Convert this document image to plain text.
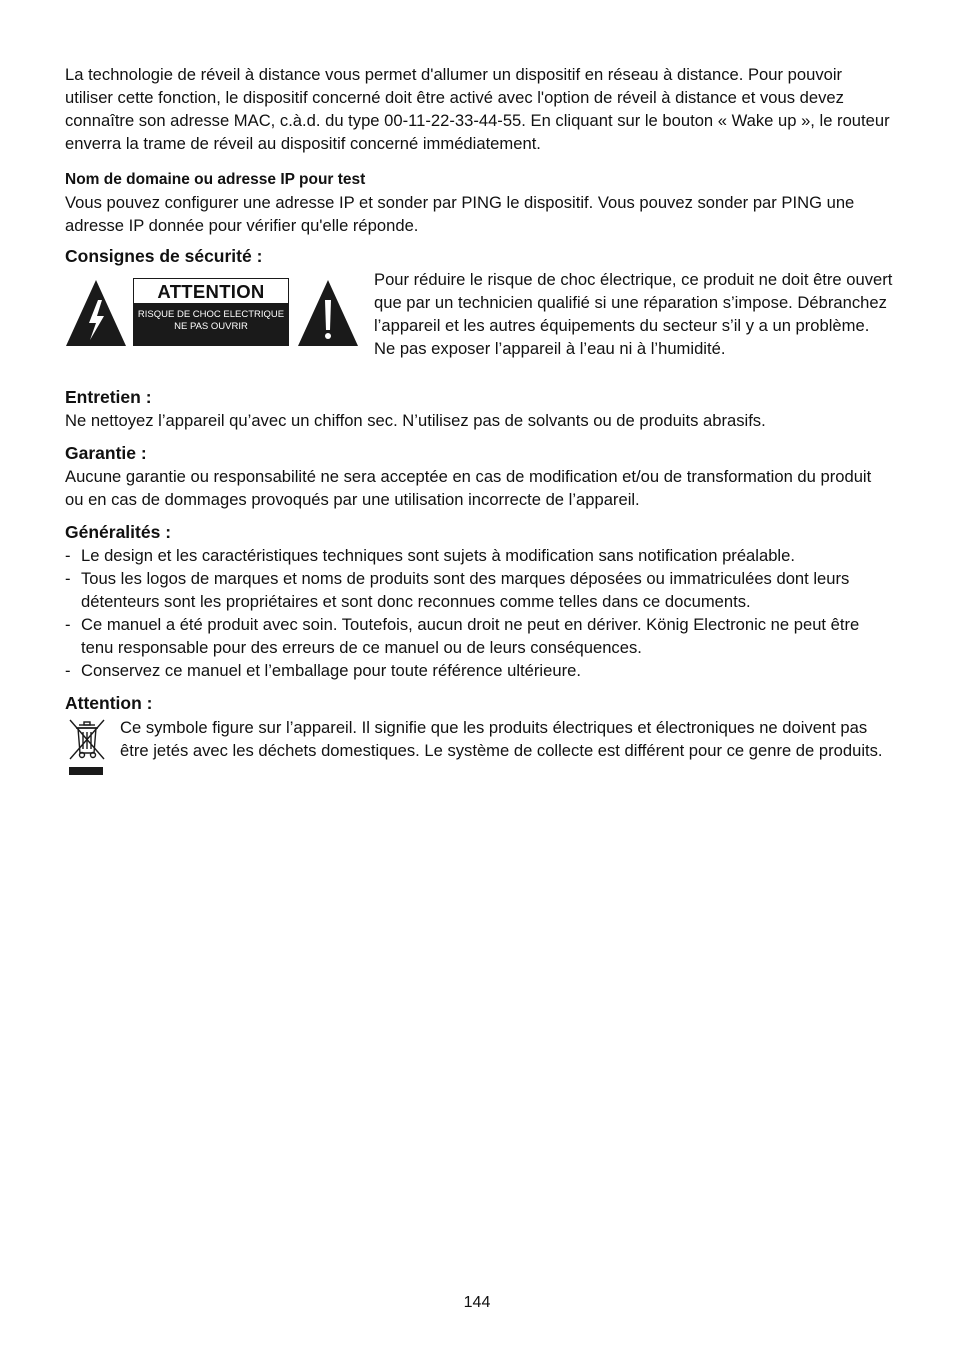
La technologie de réveil à distance vous permet d'allumer un dispositif en réseau à distance. Pour pouvoir utiliser cette fonction, le dispositif concerné doit être activé avec l'option de réveil à distance et vous devez connaître son adresse MAC, c.à.d. du type 00-11-22-33-44-55. En cliquant sur le bouton « Wake up », le routeur enverra la trame de réveil au dispositif concerné immédiatement.

Nom de domaine ou adresse IP pour test

Vous pouvez configurer une adresse IP et sonder par PING le dispositif. Vous pouvez sonder par PING une adresse IP donnée pour vérifier qu'elle réponde.

Consignes de sécurité :

ATTENTION
RISQUE DE CHOC ELECTRIQUE
NE PAS OUVRIR

Pour réduire le risque de choc électrique, ce produit ne doit être ouvert que par un technicien qualifié si une réparation s’impose. Débranchez l’appareil et les autres équipements du secteur s’il y a un problème. Ne pas exposer l’appareil à l’eau ni à l’humidité.

Entretien :

Ne nettoyez l’appareil qu’avec un chiffon sec. N’utilisez pas de solvants ou de produits abrasifs.

Garantie :

Aucune garantie ou responsabilité ne sera acceptée en cas de modification et/ou de transformation du produit ou en cas de dommages provoqués par une utilisation incorrecte de l’appareil.

Généralités :

- Le design et les caractéristiques techniques sont sujets à modification sans notification préalable.
- Tous les logos de marques et noms de produits sont des marques déposées ou immatriculées dont leurs détenteurs sont les propriétaires et sont donc reconnues comme telles dans ce documents.
- Ce manuel a été produit avec soin. Toutefois, aucun droit ne peut en dériver. König Electronic ne peut être tenu responsable pour des erreurs de ce manuel ou de leurs conséquences.
- Conservez ce manuel et l’emballage pour toute référence ultérieure.

Attention :

Ce symbole figure sur l’appareil. Il signifie que les produits électriques et électroniques ne doivent pas être jetés avec les déchets domestiques. Le système de collecte est différent pour ce genre de produits.

144
